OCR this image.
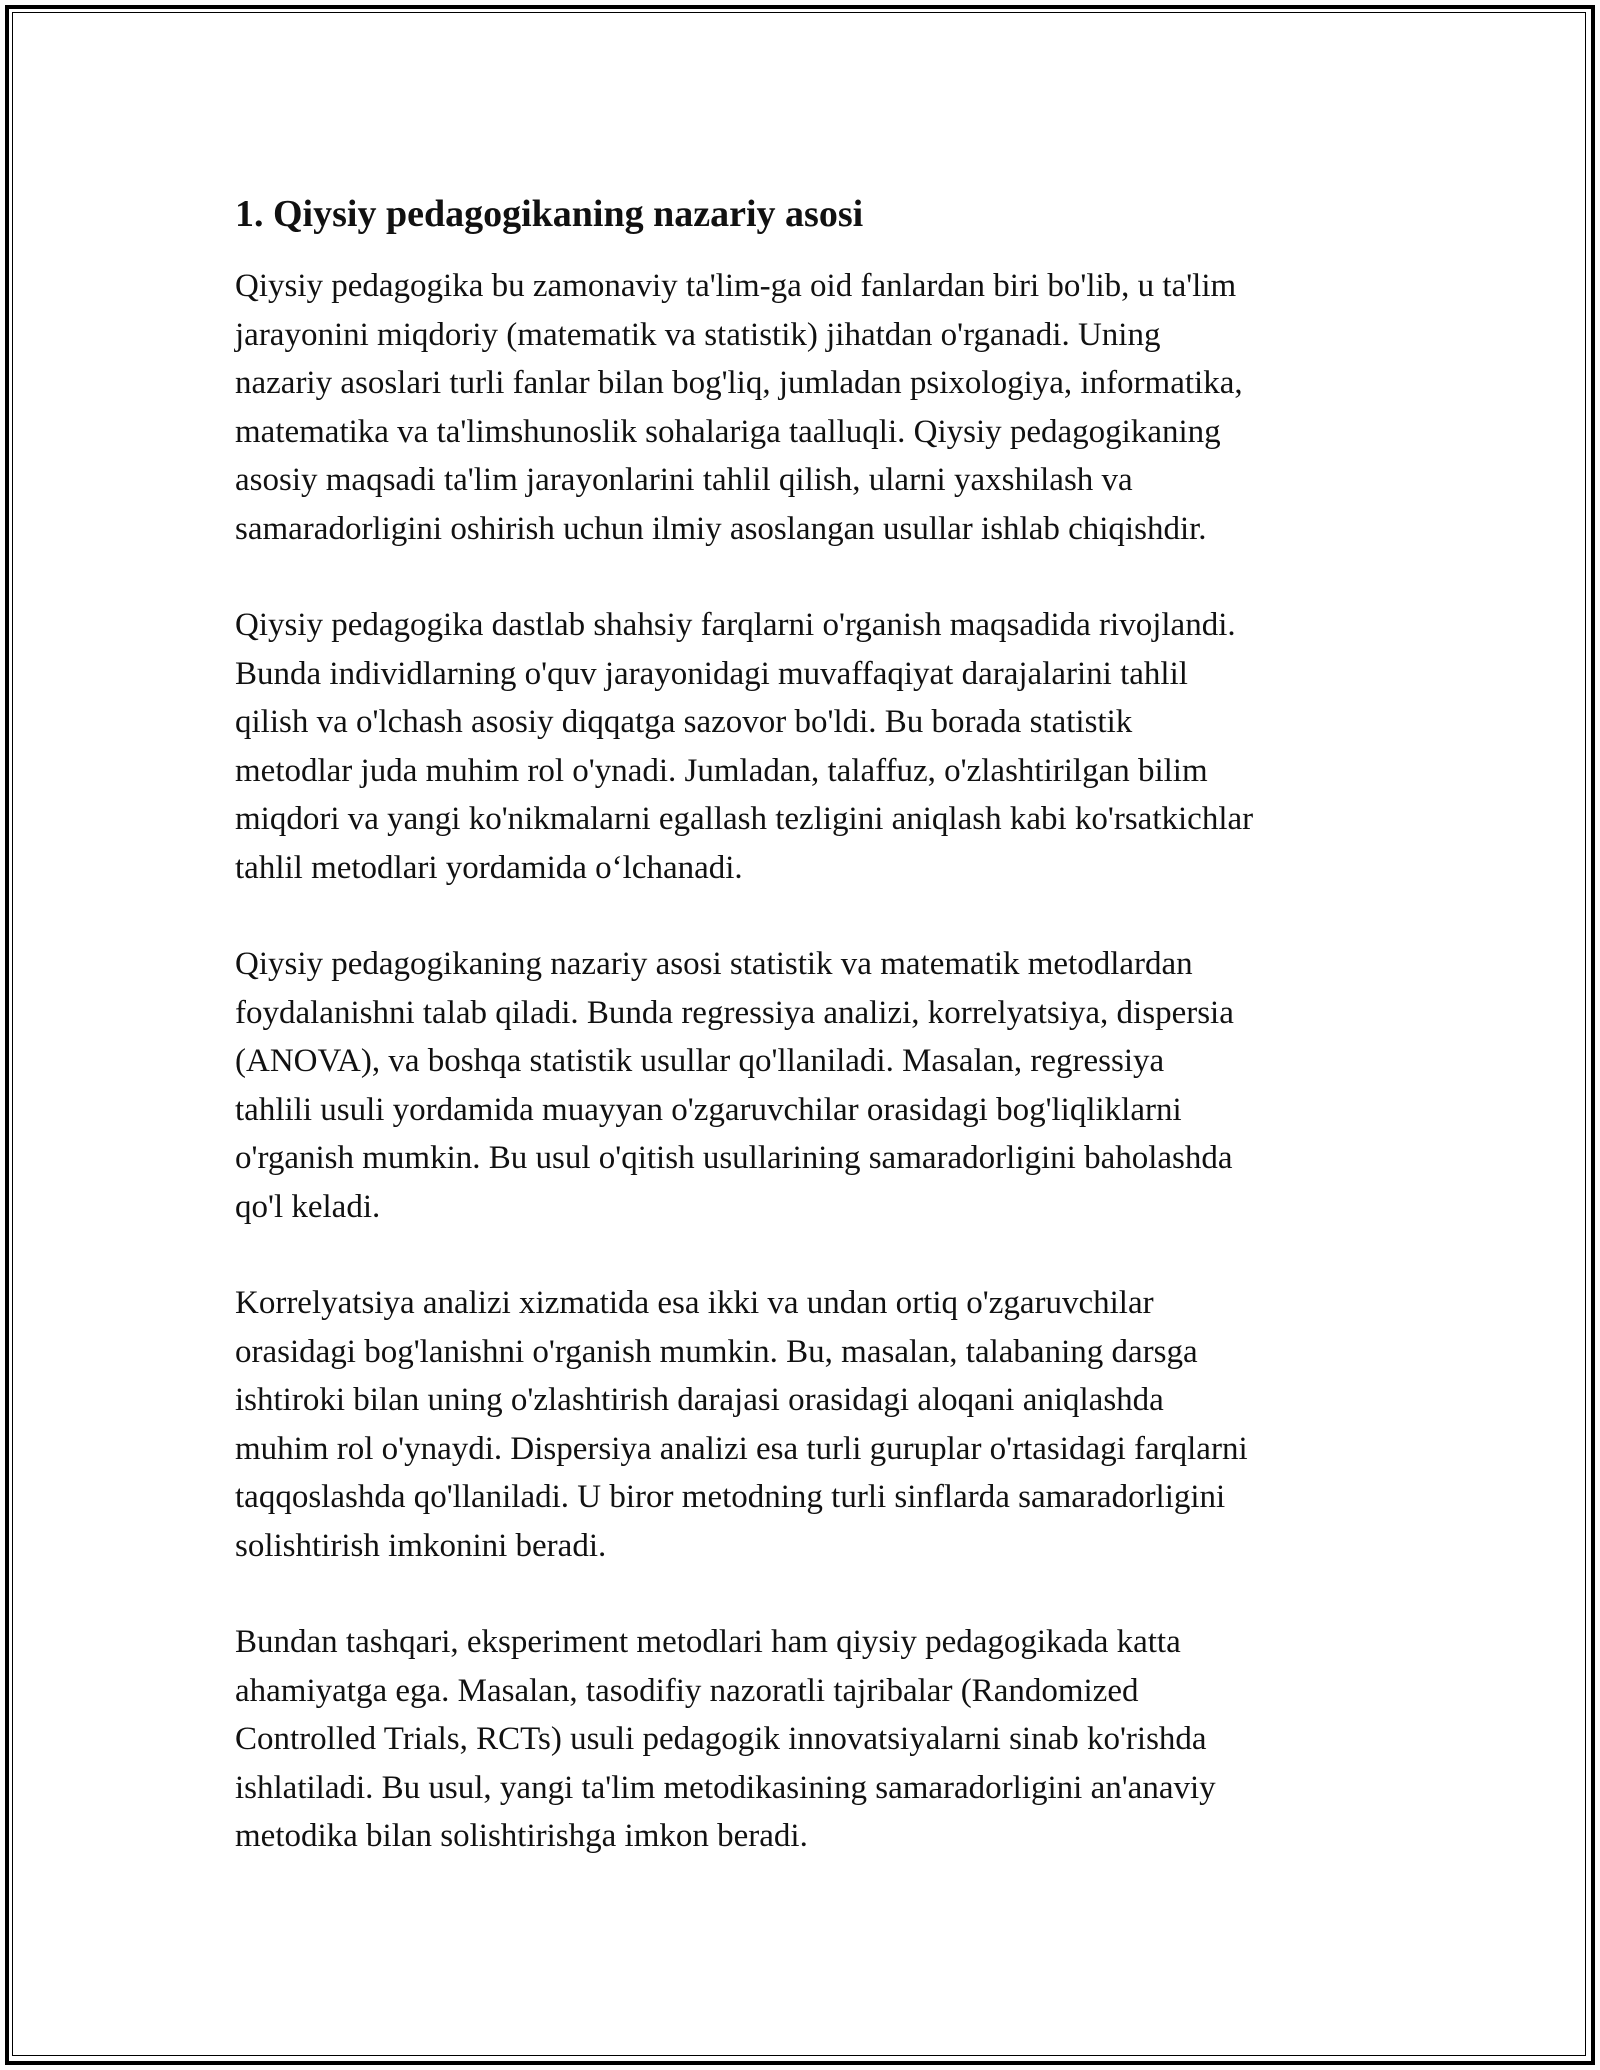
1. Qiysiy pedagogikaning nazariy asosi

Qiysiy pedagogika bu zamonaviy ta'lim-ga oid fanlardan biri bo'lib, u ta'lim
jarayonini miqdoriy (matematik va statistik) jihatdan o'rganadi. Uning
nazariy asoslari turli fanlar bilan bog'liq, jumladan psixologiya, informatika,
matematika va ta'limshunoslik sohalariga taalluqli. Qiysiy pedagogikaning
asosiy maqsadi ta'lim jarayonlarini tahlil qilish, ularni yaxshilash va
samaradorligini oshirish uchun ilmiy asoslangan usullar ishlab chiqishdir.

Qiysiy pedagogika dastlab shahsiy farqlarni o'rganish maqsadida rivojlandi.
Bunda individlarning o'quv jarayonidagi muvaffaqiyat darajalarini tahlil
qilish va o'lchash asosiy diqqatga sazovor bo'ldi. Bu borada statistik
metodlar juda muhim rol o'ynadi. Jumladan, talaffuz, o'zlashtirilgan bilim
miqdori va yangi ko'nikmalarni egallash tezligini aniqlash kabi ko'rsatkichlar
tahlil metodlari yordamida o‘lchanadi.

Qiysiy pedagogikaning nazariy asosi statistik va matematik metodlardan
foydalanishni talab qiladi. Bunda regressiya analizi, korrelyatsiya, dispersia
(ANOVA), va boshqa statistik usullar qo'llaniladi. Masalan, regressiya
tahlili usuli yordamida muayyan o'zgaruvchilar orasidagi bog'liqliklarni
o'rganish mumkin. Bu usul o'qitish usullarining samaradorligini baholashda
qo'l keladi.

Korrelyatsiya analizi xizmatida esa ikki va undan ortiq o'zgaruvchilar
orasidagi bog'lanishni o'rganish mumkin. Bu, masalan, talabaning darsga
ishtiroki bilan uning o'zlashtirish darajasi orasidagi aloqani aniqlashda
muhim rol o'ynaydi. Dispersiya analizi esa turli guruplar o'rtasidagi farqlarni
taqqoslashda qo'llaniladi. U biror metodning turli sinflarda samaradorligini
solishtirish imkonini beradi.

Bundan tashqari, eksperiment metodlari ham qiysiy pedagogikada katta
ahamiyatga ega. Masalan, tasodifiy nazoratli tajribalar (Randomized
Controlled Trials, RCTs) usuli pedagogik innovatsiyalarni sinab ko'rishda
ishlatiladi. Bu usul, yangi ta'lim metodikasining samaradorligini an'anaviy
metodika bilan solishtirishga imkon beradi.
